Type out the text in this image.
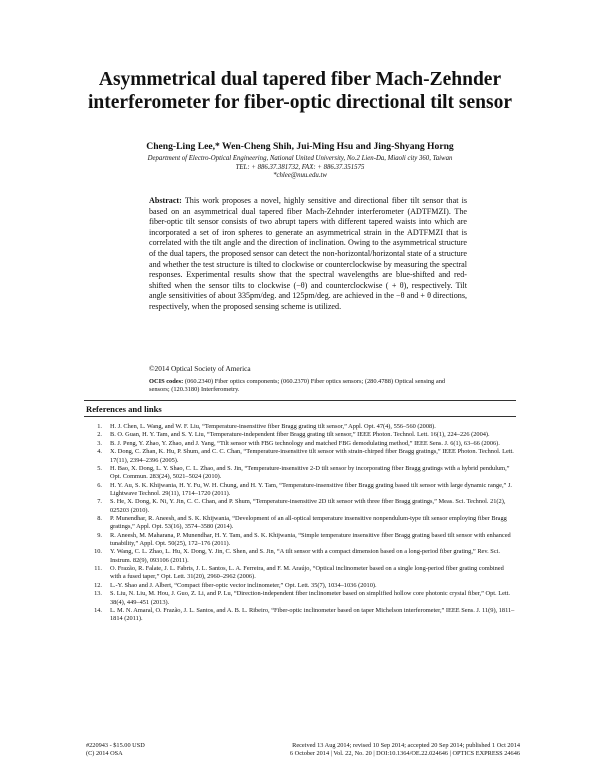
Asymmetrical dual tapered fiber Mach-Zehnder interferometer for fiber-optic directional tilt sensor
Cheng-Ling Lee,* Wen-Cheng Shih, Jui-Ming Hsu and Jing-Shyang Horng
Department of Electro-Optical Engineering, National United University, No.2 Lien-Da, Miaoli city 360, Taiwan
TEL: + 886.37.381732, FAX: + 886.37.351575
*chlee@nuu.edu.tw
Abstract: This work proposes a novel, highly sensitive and directional fiber tilt sensor that is based on an asymmetrical dual tapered fiber Mach-Zehnder interferometer (ADTFMZI). The fiber-optic tilt sensor consists of two abrupt tapers with different tapered waists into which are incorporated a set of iron spheres to generate an asymmetrical strain in the ADTFMZI that is correlated with the tilt angle and the direction of inclination. Owing to the asymmetrical structure of the dual tapers, the proposed sensor can detect the non-horizontal/horizontal state of a structure and whether the test structure is tilted to clockwise or counterclockwise by measuring the spectral responses. Experimental results show that the spectral wavelengths are blue-shifted and red-shifted when the sensor tilts to clockwise (−θ) and counterclockwise ( + θ), respectively. Tilt angle sensitivities of about 335pm/deg. and 125pm/deg. are achieved in the −θ and + θ directions, respectively, when the proposed sensing scheme is utilized.
©2014 Optical Society of America
OCIS codes: (060.2340) Fiber optics components; (060.2370) Fiber optics sensors; (280.4788) Optical sensing and sensors; (120.3180) Interferometry.
References and links
1. H. J. Chen, L. Wang, and W. F. Liu, “Temperature-insensitive fiber Bragg grating tilt sensor,” Appl. Opt. 47(4), 556–560 (2008).
2. B. O. Guan, H. Y. Tam, and S. Y. Liu, “Temperature-independent fiber Bragg grating tilt sensor,” IEEE Photon. Technol. Lett. 16(1), 224–226 (2004).
3. B. J. Peng, Y. Zhao, Y. Zhao, and J. Yang, “Tilt sensor with FBG technology and matched FBG demodulating method,” IEEE Sens. J. 6(1), 63–66 (2006).
4. X. Dong, C. Zhan, K. Hu, P. Shum, and C. C. Chan, “Temperature-insensitive tilt sensor with strain-chirped fiber Bragg gratings,” IEEE Photon. Technol. Lett. 17(11), 2394–2396 (2005).
5. H. Bao, X. Dong, L. Y. Shao, C. L. Zhao, and S. Jin, “Temperature-insensitive 2-D tilt sensor by incorporating fiber Bragg gratings with a hybrid pendulum,” Opt. Commun. 283(24), 5021–5024 (2010).
6. H. Y. Au, S. K. Khijwania, H. Y. Fu, W. H. Chung, and H. Y. Tam, “Temperature-insensitive fiber Bragg grating based tilt sensor with large dynamic range,” J. Lightwave Technol. 29(11), 1714–1720 (2011).
7. S. He, X. Dong, K. Ni, Y. Jin, C. C. Chan, and P. Shum, “Temperature-insensitive 2D tilt sensor with three fiber Bragg gratings,” Meas. Sci. Technol. 21(2), 025203 (2010).
8. P. Munendhar, R. Aneesh, and S. K. Khijwania, “Development of an all-optical temperature insensitive nonpendulum-type tilt sensor employing fiber Bragg gratings,” Appl. Opt. 53(16), 3574–3580 (2014).
9. R. Aneesh, M. Maharana, P. Munendhar, H. Y. Tam, and S. K. Khijwania, “Simple temperature insensitive fiber Bragg grating based tilt sensor with enhanced tunability,” Appl. Opt. 50(25), 172–176 (2011).
10. Y. Wang, C. L. Zhao, L. Hu, X. Dong, Y. Jin, C. Shen, and S. Jin, “A tilt sensor with a compact dimension based on a long-period fiber grating,” Rev. Sci. Instrum. 82(9), 093106 (2011).
11. O. Frazão, R. Falate, J. L. Fabris, J. L. Santos, L. A. Ferreira, and F. M. Araújo, “Optical inclinometer based on a single long-period fiber grating combined with a fused taper,” Opt. Lett. 31(20), 2960–2962 (2006).
12. L.-Y. Shao and J. Albert, “Compact fiber-optic vector inclinometer,” Opt. Lett. 35(7), 1034–1036 (2010).
13. S. Liu, N. Liu, M. Hou, J. Guo, Z. Li, and P. Lu, “Direction-independent fiber inclinometer based on simplified hollow core photonic crystal fiber,” Opt. Lett. 38(4), 449–451 (2013).
14. L. M. N. Amaral, O. Frazão, J. L. Santos, and A. B. L. Ribeiro, “Fiber-optic inclinometer based on taper Michelson interferometer,” IEEE Sens. J. 11(9), 1811–1814 (2011).
#220943 - $15.00 USD	Received 13 Aug 2014; revised 10 Sep 2014; accepted 20 Sep 2014; published 1 Oct 2014
(C) 2014 OSA	6 October 2014 | Vol. 22, No. 20 | DOI:10.1364/OE.22.024646 | OPTICS EXPRESS 24646
